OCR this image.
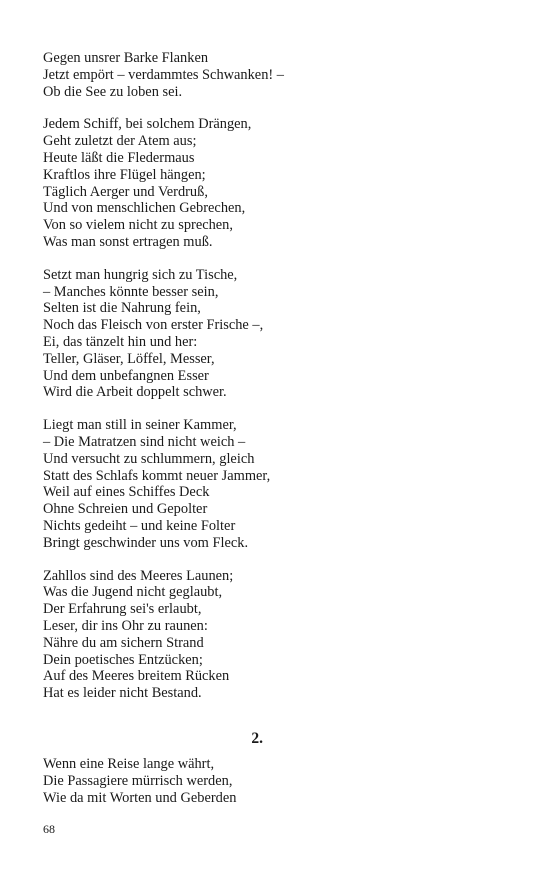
Gegen unsrer Barke Flanken
Jetzt empört – verdammtes Schwanken! –
Ob die See zu loben sei.
Jedem Schiff, bei solchem Drängen,
Geht zuletzt der Atem aus;
Heute läßt die Fledermaus
Kraftlos ihre Flügel hängen;
Täglich Aerger und Verdruß,
Und von menschlichen Gebrechen,
Von so vielem nicht zu sprechen,
Was man sonst ertragen muß.
Setzt man hungrig sich zu Tische,
– Manches könnte besser sein,
Selten ist die Nahrung fein,
Noch das Fleisch von erster Frische –,
Ei, das tänzelt hin und her:
Teller, Gläser, Löffel, Messer,
Und dem unbefangnen Esser
Wird die Arbeit doppelt schwer.
Liegt man still in seiner Kammer,
– Die Matratzen sind nicht weich –
Und versucht zu schlummern, gleich
Statt des Schlafs kommt neuer Jammer,
Weil auf eines Schiffes Deck
Ohne Schreien und Gepolter
Nichts gedeiht – und keine Folter
Bringt geschwinder uns vom Fleck.
Zahllos sind des Meeres Launen;
Was die Jugend nicht geglaubt,
Der Erfahrung sei's erlaubt,
Leser, dir ins Ohr zu raunen:
Nähre du am sichern Strand
Dein poetisches Entzücken;
Auf des Meeres breitem Rücken
Hat es leider nicht Bestand.
2.
Wenn eine Reise lange währt,
Die Passagiere mürrisch werden,
Wie da mit Worten und Geberden
68
